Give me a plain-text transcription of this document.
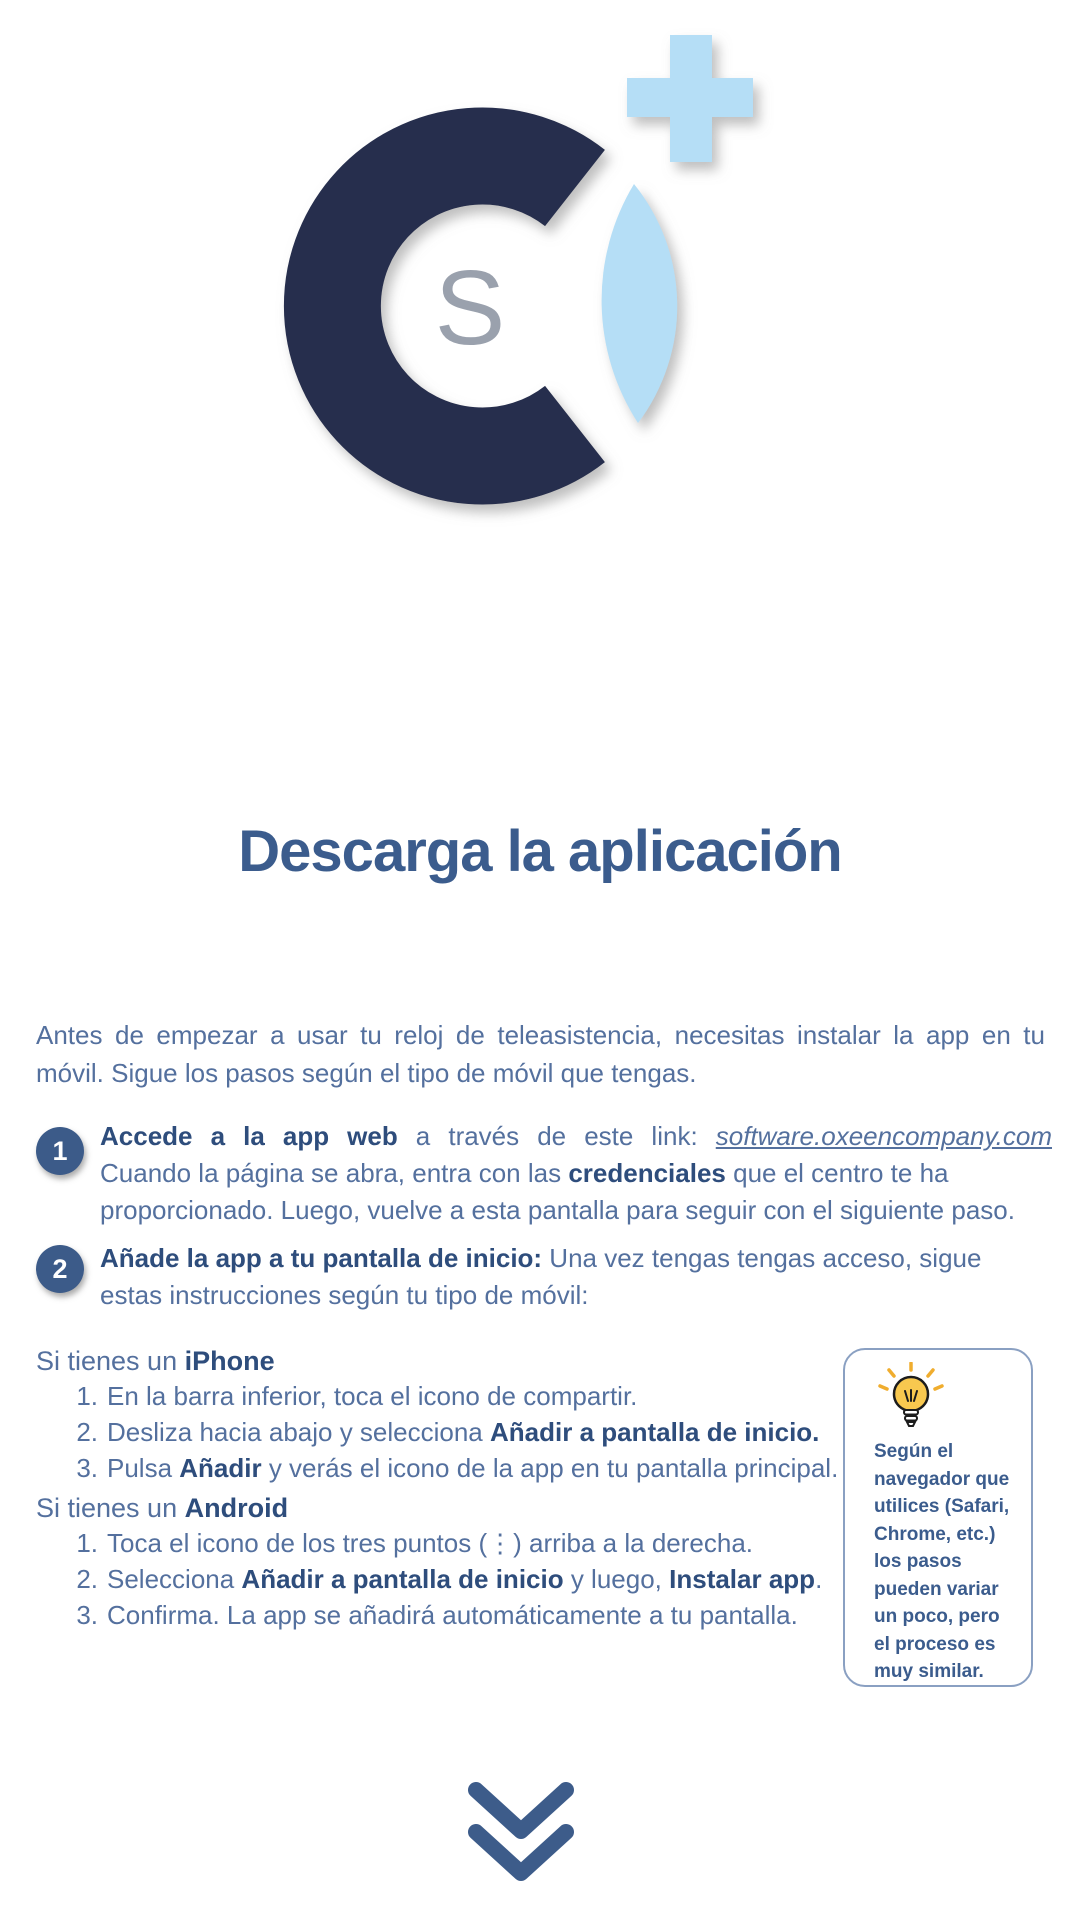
S
Descarga la aplicación
Antes de empezar a usar tu reloj de teleasistencia, necesitas instalar la app en tu
móvil. Sigue los pasos según el tipo de móvil que tengas.
1	Accede a la app web a través de este link: software.oxeencompany.com
Cuando la página se abra, entra con las credenciales que el centro te ha
proporcionado. Luego, vuelve a esta pantalla para seguir con el siguiente paso.
2	Añade la app a tu pantalla de inicio: Una vez tengas tengas acceso, sigue
estas instrucciones según tu tipo de móvil:
Si tienes un iPhone
1. En la barra inferior, toca el icono de compartir.
2. Desliza hacia abajo y selecciona Añadir a pantalla de inicio.
3. Pulsa Añadir y verás el icono de la app en tu pantalla principal.
Si tienes un Android
1. Toca el icono de los tres puntos (⋮) arriba a la derecha.
2. Selecciona Añadir a pantalla de inicio y luego, Instalar app.
3. Confirma. La app se añadirá automáticamente a tu pantalla.
Según el
navegador que
utilices (Safari,
Chrome, etc.)
los pasos
pueden variar
un poco, pero
el proceso es
muy similar.
